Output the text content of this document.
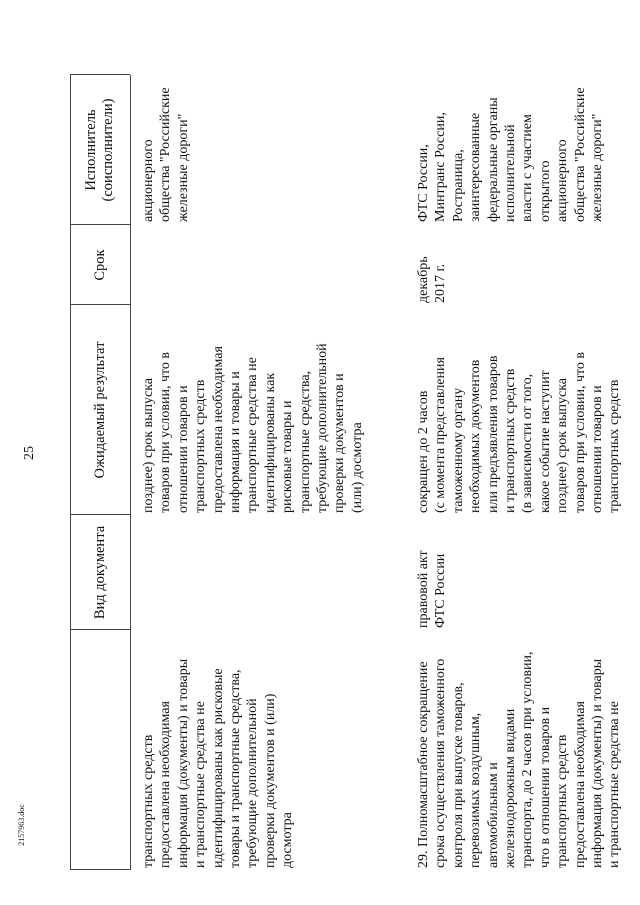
25
2157963.doc
Вид документа
Ожидаемый результат
Срок
Исполнитель
(соисполнители)
транспортных средств
предоставлена необходимая
информация (документы) и товары
и транспортные средства не
идентифицированы как рисковые
товары и транспортные средства,
требующие дополнительной
проверки документов и (или)
досмотра
позднее) срок выпуска
товаров при условии, что в
отношении товаров и
транспортных средств
предоставлена необходимая
информация и товары и
транспортные средства не
идентифицированы как
рисковые товары и
транспортные средства,
требующие дополнительной
проверки документов и
(или) досмотра
акционерного
общества "Российские
железные дороги"
29. Полномасштабное сокращение
срока осуществления таможенного
контроля при выпуске товаров,
перевозимых воздушным,
автомобильным и
железнодорожным видами
транспорта, до 2 часов при условии,
что в отношении товаров и
транспортных средств
предоставлена необходимая
информация (документы) и товары
и транспортные средства не
правовой акт
ФТС России
сокращен до 2 часов
(с момента представления
таможенному органу
необходимых документов
или предъявления товаров
и транспортных средств
(в зависимости от того,
какое событие наступит
позднее) срок выпуска
товаров при условии, что в
отношении товаров и
транспортных средств
декабрь
2017 г.
ФТС России,
Минтранс России,
Ространица,
заинтересованные
федеральные органы
исполнительной
власти с участием
открытого
акционерного
общества "Российские
железные дороги"
